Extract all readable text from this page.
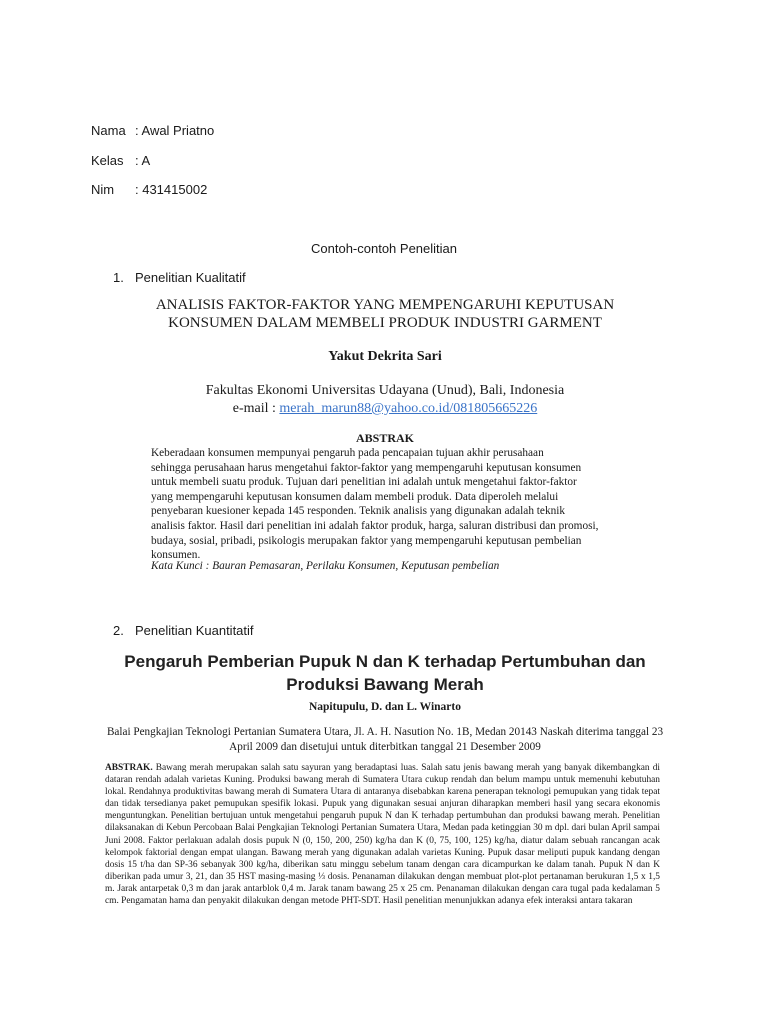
Nama : Awal Priatno
Kelas : A
Nim : 431415002
Contoh-contoh Penelitian
1. Penelitian Kualitatif
ANALISIS FAKTOR-FAKTOR YANG MEMPENGARUHI KEPUTUSAN
KONSUMEN DALAM MEMBELI PRODUK INDUSTRI GARMENT
Yakut Dekrita Sari
Fakultas Ekonomi Universitas Udayana (Unud), Bali, Indonesia
e-mail : merah_marun88@yahoo.co.id/081805665226
ABSTRAK
Keberadaan konsumen mempunyai pengaruh pada pencapaian tujuan akhir perusahaan
sehingga perusahaan harus mengetahui faktor-faktor yang mempengaruhi keputusan konsumen
untuk membeli suatu produk. Tujuan dari penelitian ini adalah untuk mengetahui faktor-faktor
yang mempengaruhi keputusan konsumen dalam membeli produk. Data diperoleh melalui
penyebaran kuesioner kepada 145 responden. Teknik analisis yang digunakan adalah teknik
analisis faktor. Hasil dari penelitian ini adalah faktor produk, harga, saluran distribusi dan promosi,
budaya, sosial, pribadi, psikologis merupakan faktor yang mempengaruhi keputusan pembelian
konsumen.
Kata Kunci : Bauran Pemasaran, Perilaku Konsumen, Keputusan pembelian
2. Penelitian Kuantitatif
Pengaruh Pemberian Pupuk N dan K terhadap Pertumbuhan dan
Produksi Bawang Merah
Napitupulu, D. dan L. Winarto
Balai Pengkajian Teknologi Pertanian Sumatera Utara, Jl. A. H. Nasution No. 1B, Medan 20143 Naskah diterima tanggal 23
April 2009 dan disetujui untuk diterbitkan tanggal 21 Desember 2009
ABSTRAK. Bawang merah merupakan salah satu sayuran yang beradaptasi luas. Salah satu jenis bawang merah yang banyak dikembangkan di dataran rendah adalah varietas Kuning. Produksi bawang merah di Sumatera Utara cukup rendah dan belum mampu untuk memenuhi kebutuhan lokal. Rendahnya produktivitas bawang merah di Sumatera Utara di antaranya disebabkan karena penerapan teknologi pemupukan yang tidak tepat dan tidak tersedianya paket pemupukan spesifik lokasi. Pupuk yang digunakan sesuai anjuran diharapkan memberi hasil yang secara ekonomis menguntungkan. Penelitian bertujuan untuk mengetahui pengaruh pupuk N dan K terhadap pertumbuhan dan produksi bawang merah. Penelitian dilaksanakan di Kebun Percobaan Balai Pengkajian Teknologi Pertanian Sumatera Utara, Medan pada ketinggian 30 m dpl. dari bulan April sampai Juni 2008. Faktor perlakuan adalah dosis pupuk N (0, 150, 200, 250) kg/ha dan K (0, 75, 100, 125) kg/ha, diatur dalam sebuah rancangan acak kelompok faktorial dengan empat ulangan. Bawang merah yang digunakan adalah varietas Kuning. Pupuk dasar meliputi pupuk kandang dengan dosis 15 t/ha dan SP-36 sebanyak 300 kg/ha, diberikan satu minggu sebelum tanam dengan cara dicampurkan ke dalam tanah. Pupuk N dan K diberikan pada umur 3, 21, dan 35 HST masing-masing ⅓ dosis. Penanaman dilakukan dengan membuat plot-plot pertanaman berukuran 1,5 x 1,5 m. Jarak antarpetak 0,3 m dan jarak antarblok 0,4 m. Jarak tanam bawang 25 x 25 cm. Penanaman dilakukan dengan cara tugal pada kedalaman 5 cm. Pengamatan hama dan penyakit dilakukan dengan metode PHT-SDT. Hasil penelitian menunjukkan adanya efek interaksi antara takaran
